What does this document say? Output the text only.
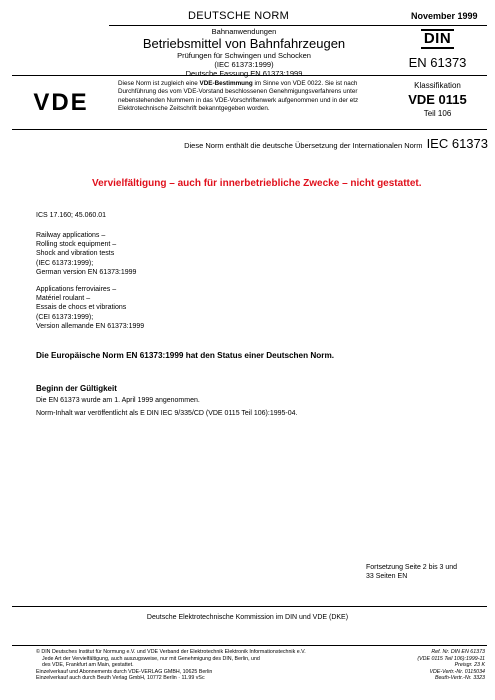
DEUTSCHE NORM	November 1999
Bahnanwendungen
Betriebsmittel von Bahnfahrzeugen
Prüfungen für Schwingen und Schocken
(IEC 61373:1999)
Deutsche Fassung EN 61373:1999
DIN
EN 61373
VDE
Diese Norm ist zugleich eine VDE-Bestimmung im Sinne von VDE 0022. Sie ist nach Durchführung des vom VDE-Vorstand beschlossenen Genehmigungsverfahrens unter nebenstehenden Nummern in das VDE-Vorschriftenwerk aufgenommen und in der etz Elektrotechnische Zeitschrift bekanntgegeben worden.
Klassifikation
VDE 0115
Teil 106
Diese Norm enthält die deutsche Übersetzung der Internationalen Norm IEC 61373
Vervielfältigung – auch für innerbetriebliche Zwecke – nicht gestattet.
ICS 17.160; 45.060.01
Railway applications –
Rolling stock equipment –
Shock and vibration tests
(IEC 61373:1999);
German version EN 61373:1999
Applications ferroviaires –
Matériel roulant –
Essais de chocs et vibrations
(CEI 61373:1999);
Version allemande EN 61373:1999
Die Europäische Norm EN 61373:1999 hat den Status einer Deutschen Norm.
Beginn der Gültigkeit
Die EN 61373 wurde am 1. April 1999 angenommen.
Norm-Inhalt war veröffentlicht als E DIN IEC 9/335/CD (VDE 0115 Teil 106):1995-04.
Fortsetzung Seite 2 bis 3 und
33 Seiten EN
Deutsche Elektrotechnische Kommission im DIN und VDE (DKE)
© DIN Deutsches Institut für Normung e.V. und VDE Verband der Elektrotechnik Elektronik Informationstechnik e.V.
Jede Art der Vervielfältigung, auch auszugsweise, nur mit Genehmigung des DIN, Berlin, und
des VDE, Frankfurt am Main, gestattet.
Einzelverkauf und Abonnements durch VDE-VERLAG GMBH, 10625 Berlin
Einzelverkauf auch durch Beuth Verlag GmbH, 10772 Berlin · 11.99 vSc
Ref. Nr. DIN EN 61373
(VDE 0115 Teil 106):1999-11
Preisgr. 23 K
VDE-Vertr.-Nr. 0115034
Beuth-Vertr.-Nr. 3323
